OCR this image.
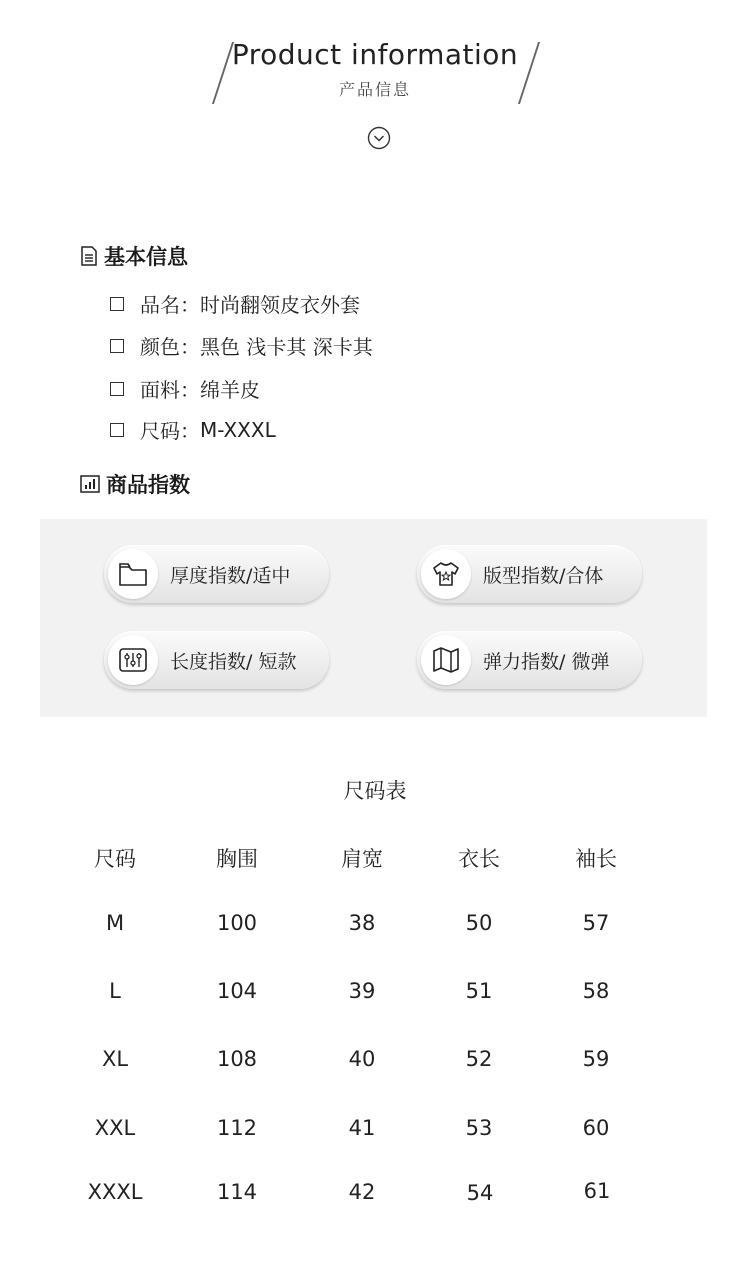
Product information
产品信息
基本信息
品名： 时尚翻领皮衣外套
颜色： 黑色 浅卡其 深卡其
面料： 绵羊皮
尺码： M-XXXL
商品指数
厚度指数/适中	版型指数/合体
长度指数/ 短款	弹力指数/ 微弹
尺码表
尺码	胸围	肩宽	衣长	袖长
M	100	38	50	57
L	104	39	51	58
XL	108	40	52	59
XXL	112	41	53	60
XXXL	114	42	54	61
